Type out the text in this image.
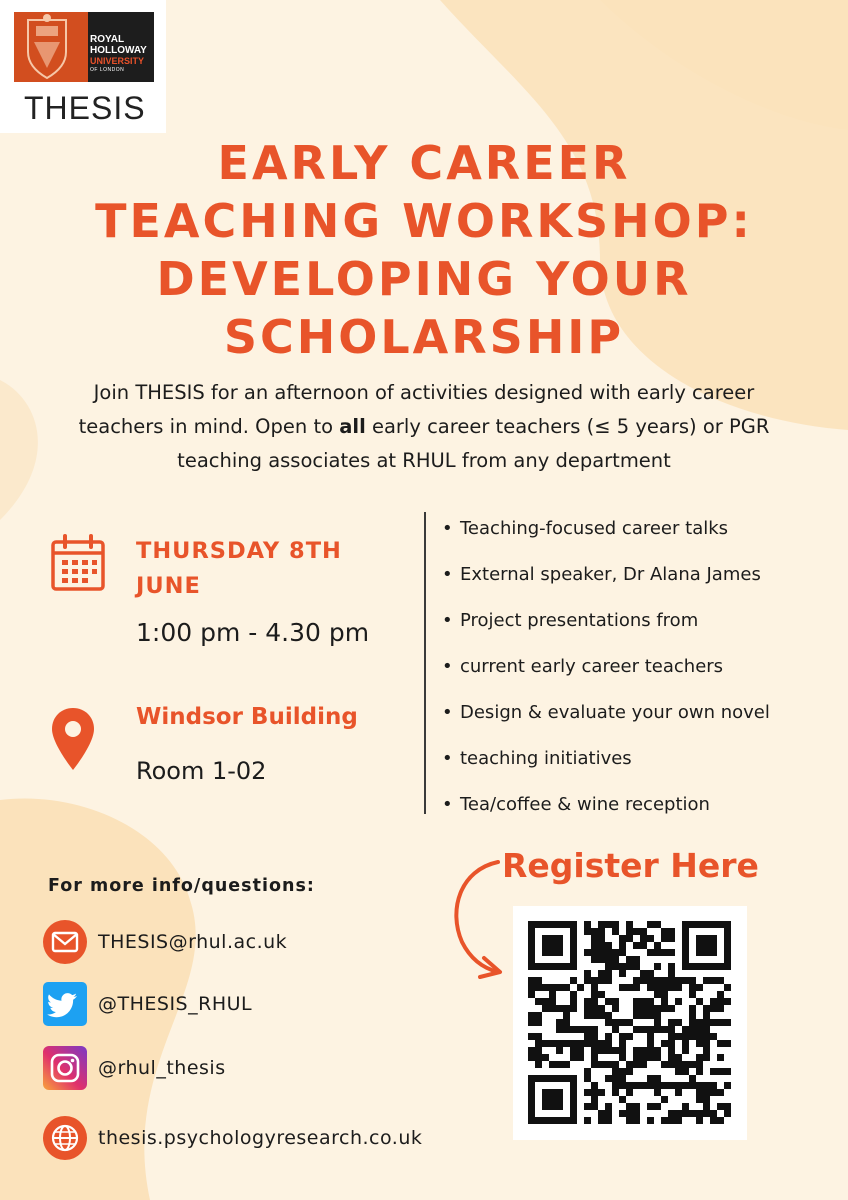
ROYAL
HOLLOWAY
UNIVERSITY
OF LONDON
THESIS
EARLY CAREER
TEACHING WORKSHOP:
DEVELOPING YOUR
SCHOLARSHIP

Join THESIS for an afternoon of activities designed with early career teachers in mind. Open to all early career teachers (≤ 5 years) or PGR teaching associates at RHUL from any department

THURSDAY 8TH JUNE
1:00 pm - 4.30 pm
Windsor Building
Room 1-02
• Teaching-focused career talks
• External speaker, Dr Alana James
• Project presentations from
• current early career teachers
• Design & evaluate your own novel
• teaching initiatives
• Tea/coffee & wine reception
For more info/questions:
THESIS@rhul.ac.uk
@THESIS_RHUL
@rhul_thesis
thesis.psychologyresearch.co.uk
Register Here
